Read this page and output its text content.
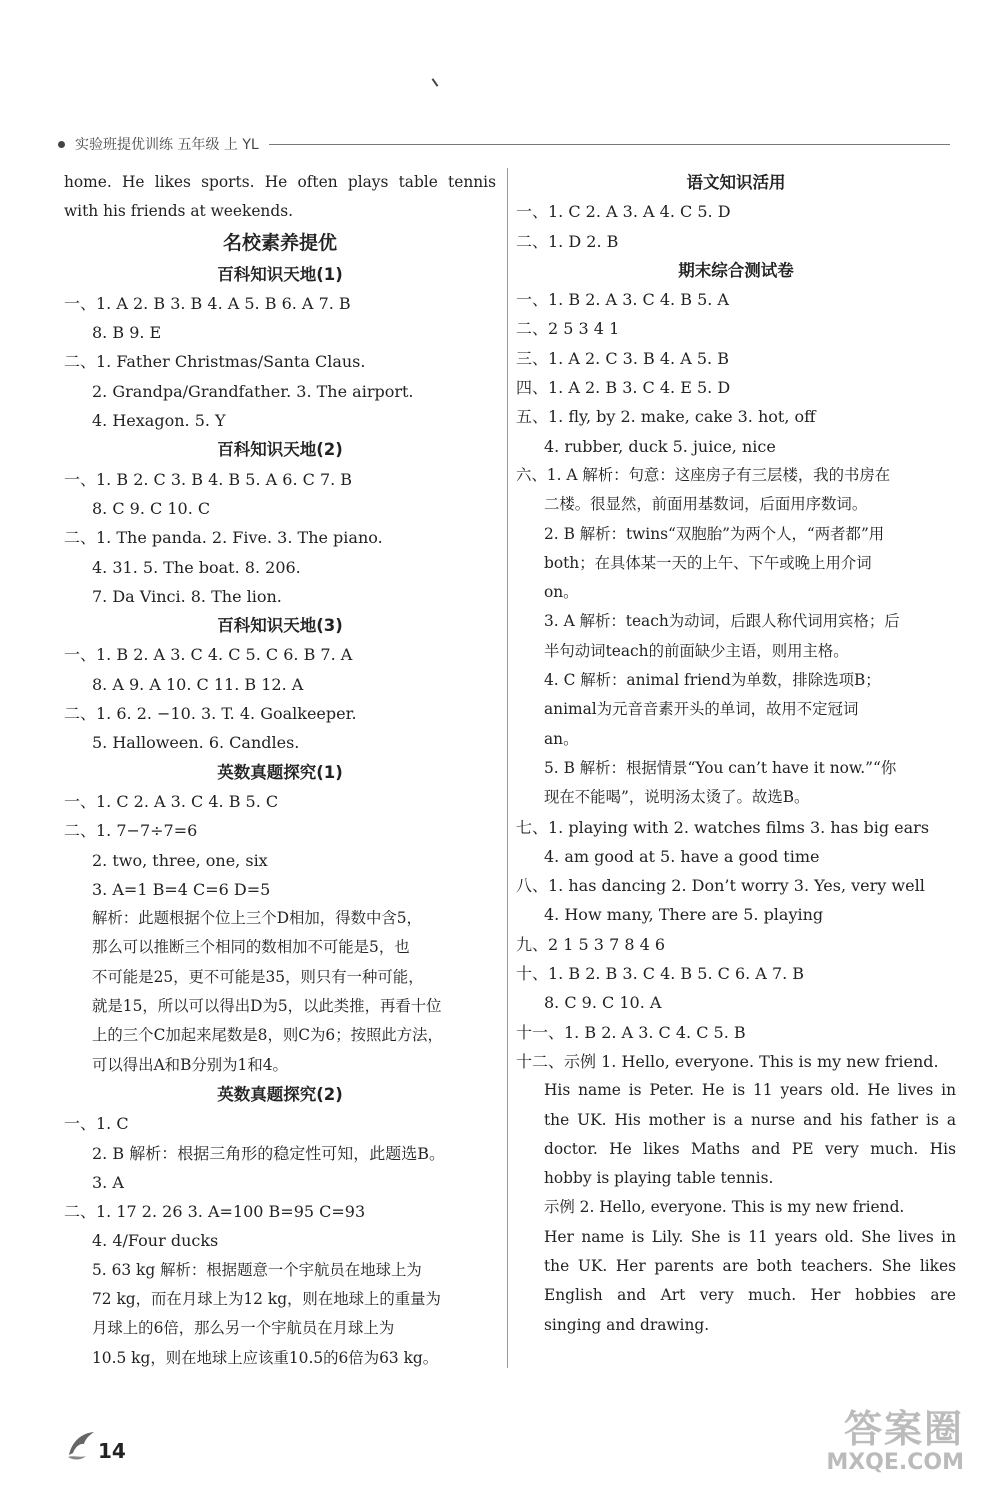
实验班提优训练 五年级 上 YL
home. He likes sports. He often plays table tennis
with his friends at weekends.
名校素养提优
百科知识天地(1)
一、1. A 2. B 3. B 4. A 5. B 6. A 7. B
8. B 9. E
二、1. Father Christmas/Santa Claus.
2. Grandpa/Grandfather. 3. The airport.
4. Hexagon. 5. Y
百科知识天地(2)
一、1. B 2. C 3. B 4. B 5. A 6. C 7. B
8. C 9. C 10. C
二、1. The panda. 2. Five. 3. The piano.
4. 31. 5. The boat. 8. 206.
7. Da Vinci. 8. The lion.
百科知识天地(3)
一、1. B 2. A 3. C 4. C 5. C 6. B 7. A
8. A 9. A 10. C 11. B 12. A
二、1. 6. 2. −10. 3. T. 4. Goalkeeper.
5. Halloween. 6. Candles.
英数真题探究(1)
一、1. C 2. A 3. C 4. B 5. C
二、1. 7−7÷7=6
2. two, three, one, six
3. A=1 B=4 C=6 D=5
解析：此题根据个位上三个D相加，得数中含5，
那么可以推断三个相同的数相加不可能是5，也
不可能是25，更不可能是35，则只有一种可能，
就是15，所以可以得出D为5，以此类推，再看十位
上的三个C加起来尾数是8，则C为6；按照此方法，
可以得出A和B分别为1和4。
英数真题探究(2)
一、1. C
2. B 解析：根据三角形的稳定性可知，此题选B。
3. A
二、1. 17 2. 26 3. A=100 B=95 C=93
4. 4/Four ducks
5. 63 kg 解析：根据题意一个宇航员在地球上为
72 kg，而在月球上为12 kg，则在地球上的重量为
月球上的6倍，那么另一个宇航员在月球上为
10.5 kg，则在地球上应该重10.5的6倍为63 kg。
语文知识活用
一、1. C 2. A 3. A 4. C 5. D
二、1. D 2. B
期末综合测试卷
一、1. B 2. A 3. C 4. B 5. A
二、2 5 3 4 1
三、1. A 2. C 3. B 4. A 5. B
四、1. A 2. B 3. C 4. E 5. D
五、1. fly, by 2. make, cake 3. hot, off
4. rubber, duck 5. juice, nice
六、1. A 解析：句意：这座房子有三层楼，我的书房在
二楼。很显然，前面用基数词，后面用序数词。
2. B 解析：twins“双胞胎”为两个人，“两者都”用
both；在具体某一天的上午、下午或晚上用介词
on。
3. A 解析：teach为动词，后跟人称代词用宾格；后
半句动词teach的前面缺少主语，则用主格。
4. C 解析：animal friend为单数，排除选项B；
animal为元音音素开头的单词，故用不定冠词
an。
5. B 解析：根据情景“You can’t have it now.”“你
现在不能喝”，说明汤太烫了。故选B。
七、1. playing with 2. watches films 3. has big ears
4. am good at 5. have a good time
八、1. has dancing 2. Don’t worry 3. Yes, very well
4. How many, There are 5. playing
九、2 1 5 3 7 8 4 6
十、1. B 2. B 3. C 4. B 5. C 6. A 7. B
8. C 9. C 10. A
十一、1. B 2. A 3. C 4. C 5. B
十二、示例 1. Hello, everyone. This is my new friend.
His name is Peter. He is 11 years old. He lives in
the UK. His mother is a nurse and his father is a
doctor. He likes Maths and PE very much. His
hobby is playing table tennis.
示例 2. Hello, everyone. This is my new friend.
Her name is Lily. She is 11 years old. She lives in
the UK. Her parents are both teachers. She likes
English and Art very much. Her hobbies are
singing and drawing.
14	答案圈
MXQE.COM
